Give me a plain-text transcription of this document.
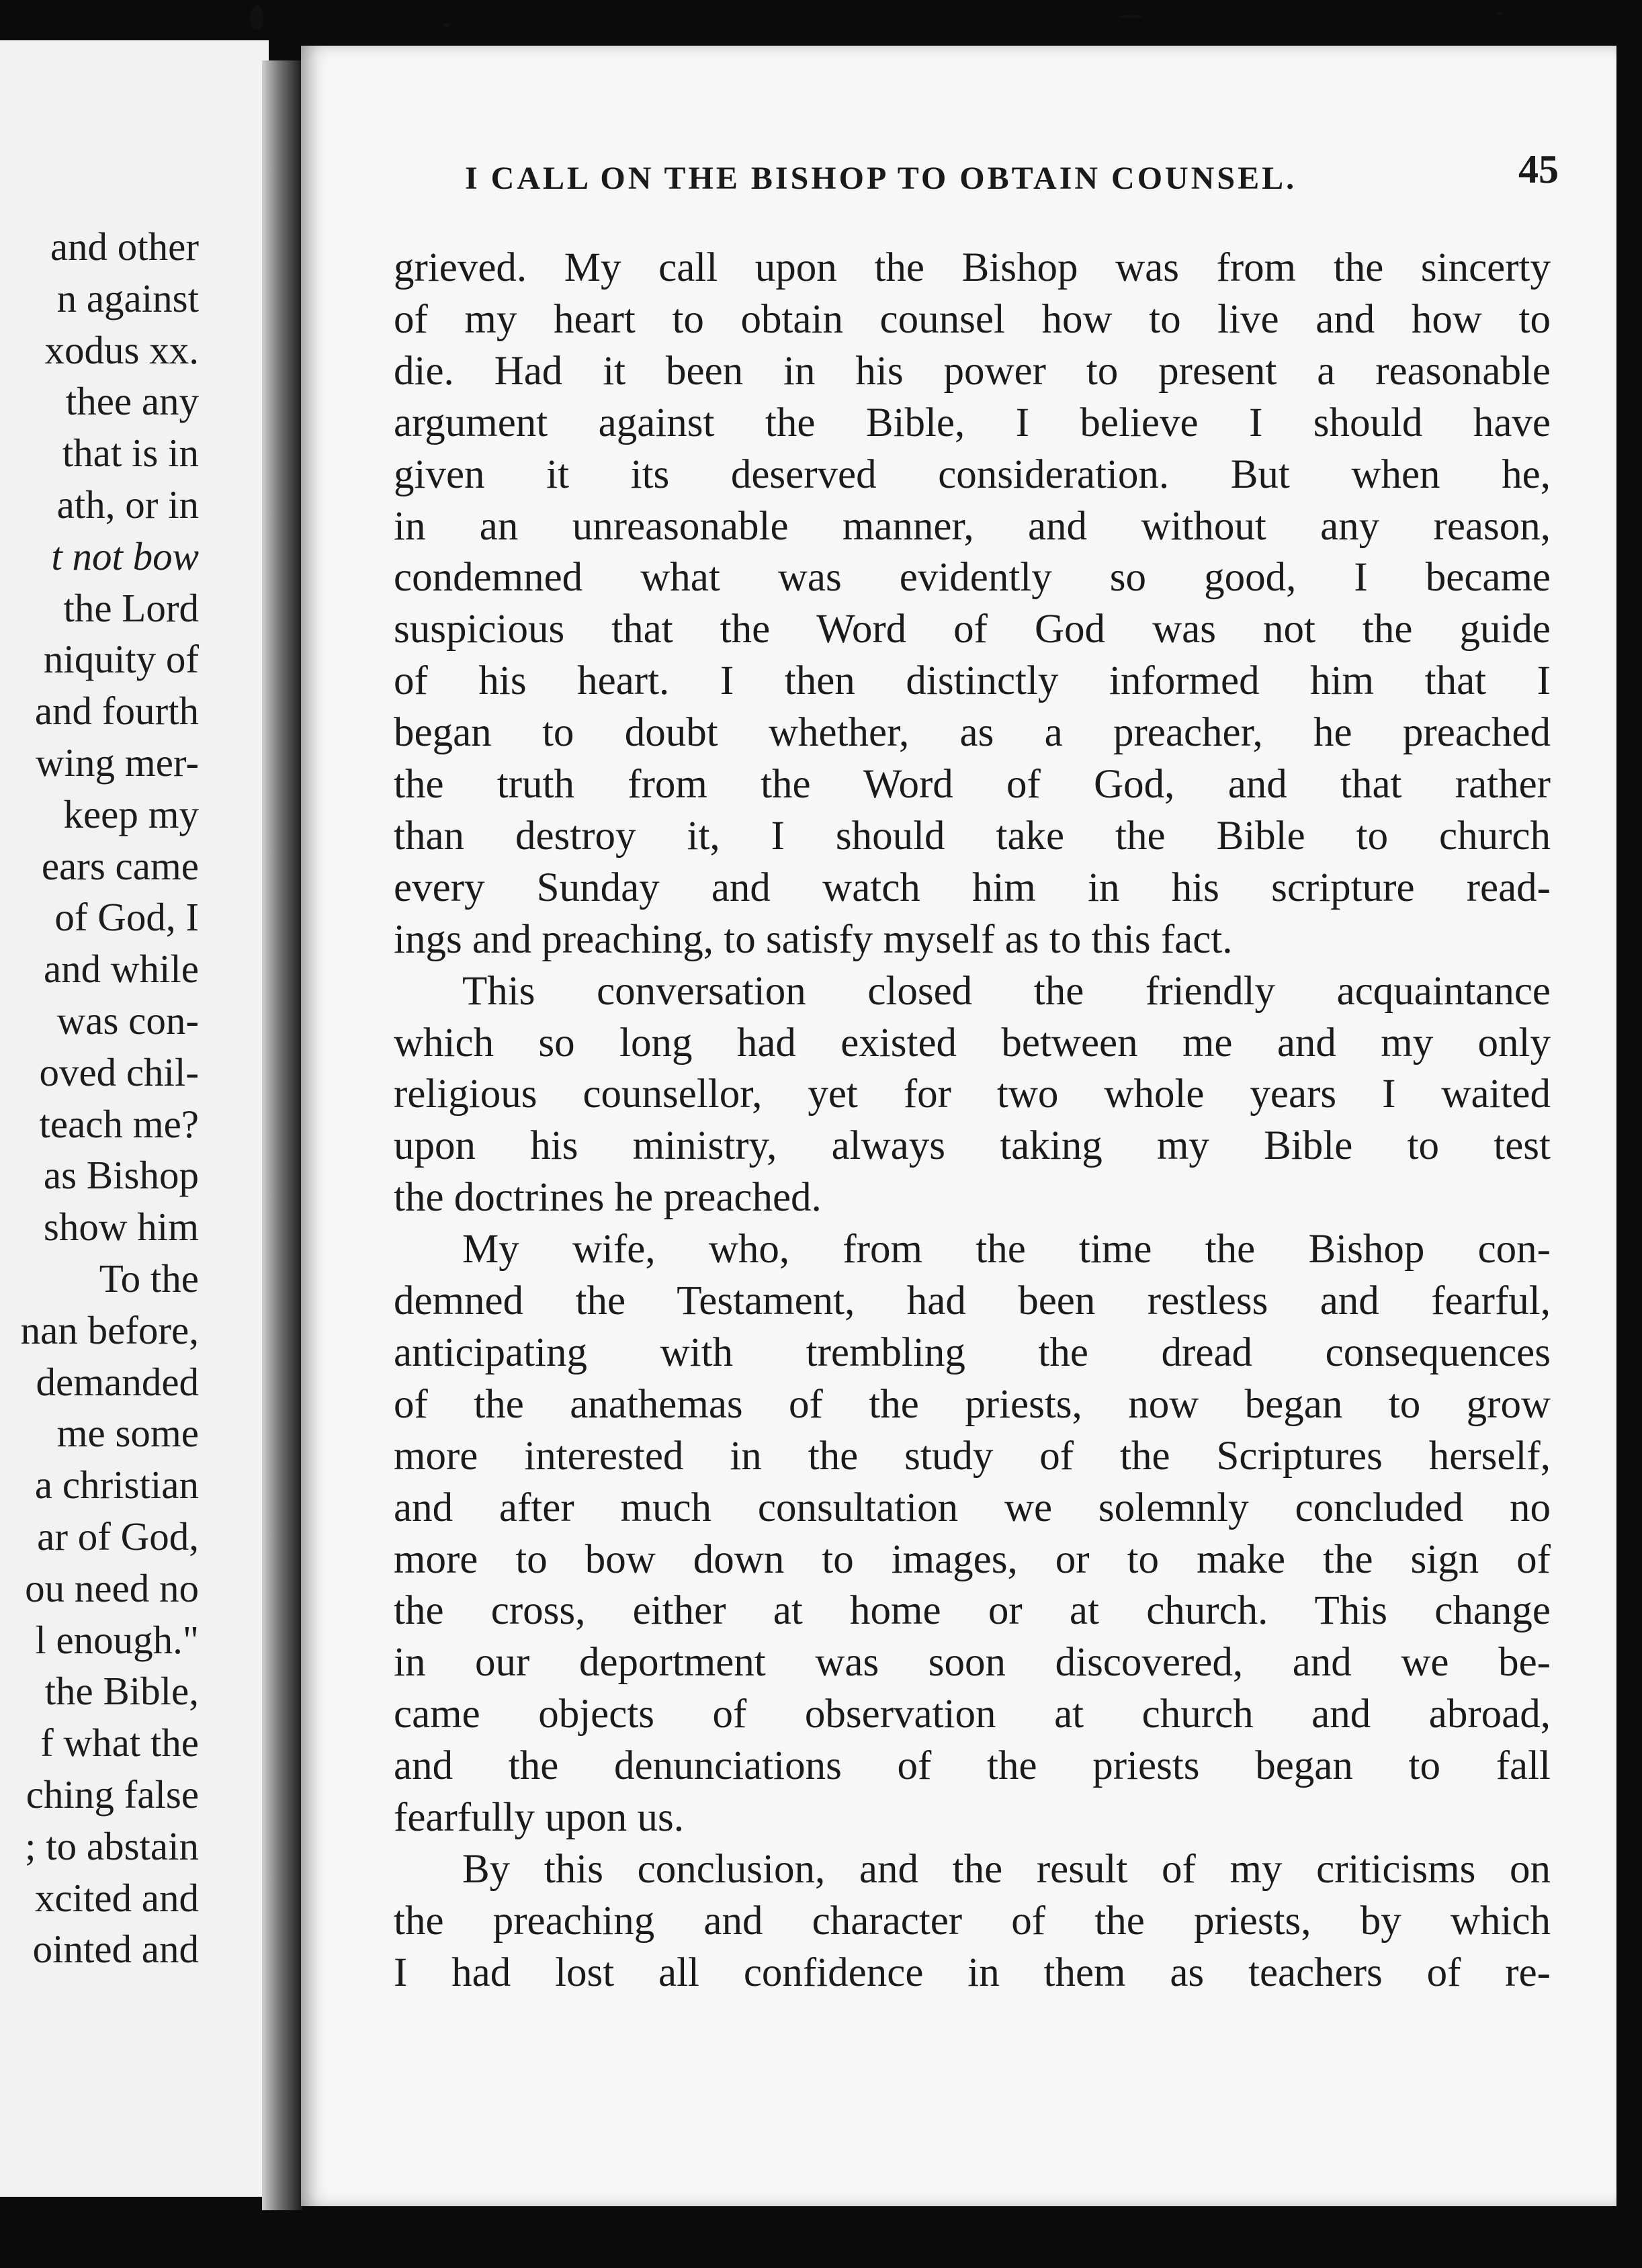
and other
n against
xodus xx.
thee any
that is in
ath, or in
t not bow
the Lord
niquity of
and fourth
wing mer-
keep my
ears came
of God, I
and while
was con-
oved chil-
teach me?
as Bishop
show him
To the
nan before,
demanded
me some
a christian
ar of God,
ou need no
l enough."
the Bible,
f what the
ching false
; to abstain
xcited and
ointed and
I CALL ON THE BISHOP TO OBTAIN COUNSEL.	45
grieved. My call upon the Bishop was from the sincerty
of my heart to obtain counsel how to live and how to
die. Had it been in his power to present a reasonable
argument against the Bible, I believe I should have
given it its deserved consideration. But when he,
in an unreasonable manner, and without any reason,
condemned what was evidently so good, I became
suspicious that the Word of God was not the guide
of his heart. I then distinctly informed him that I
began to doubt whether, as a preacher, he preached
the truth from the Word of God, and that rather
than destroy it, I should take the Bible to church
every Sunday and watch him in his scripture read-
ings and preaching, to satisfy myself as to this fact.
This conversation closed the friendly acquaintance
which so long had existed between me and my only
religious counsellor, yet for two whole years I waited
upon his ministry, always taking my Bible to test
the doctrines he preached.
My wife, who, from the time the Bishop con-
demned the Testament, had been restless and fearful,
anticipating with trembling the dread consequences
of the anathemas of the priests, now began to grow
more interested in the study of the Scriptures herself,
and after much consultation we solemnly concluded no
more to bow down to images, or to make the sign of
the cross, either at home or at church. This change
in our deportment was soon discovered, and we be-
came objects of observation at church and abroad,
and the denunciations of the priests began to fall
fearfully upon us.
By this conclusion, and the result of my criticisms on
the preaching and character of the priests, by which
I had lost all confidence in them as teachers of re-
